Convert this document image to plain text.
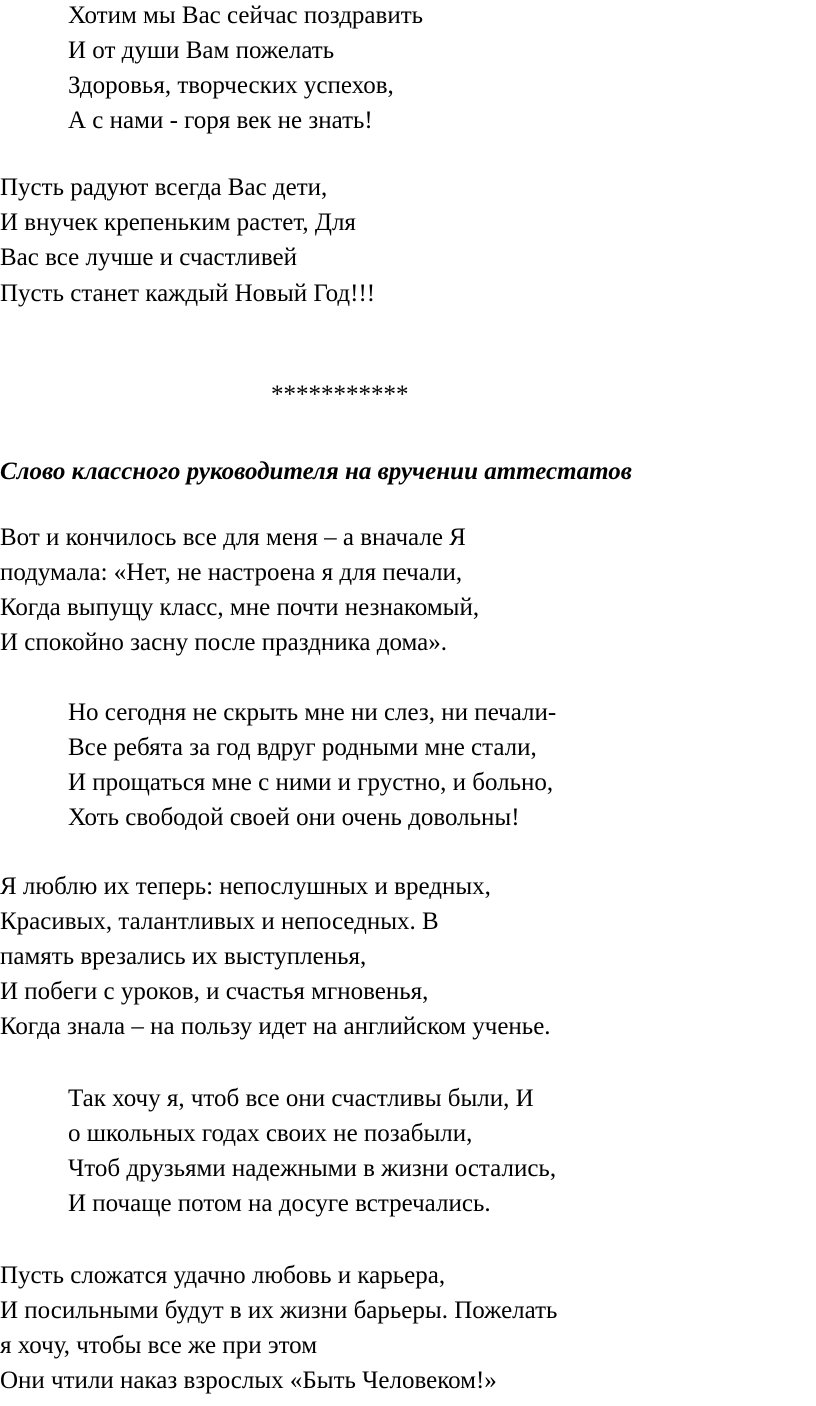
Хотим мы Вас сейчас поздравить

И от души Вам пожелать

Здоровья, творческих успехов,

А с нами - горя век не знать!

Пусть радуют всегда Вас дети,

И внучек крепеньким растет, Для

Вас все лучше и счастливей

Пусть станет каждый Новый Год!!!

***********

Слово классного руководителя на вручении аттестатов

Вот и кончилось все для меня – а вначале Я

подумала: «Нет, не настроена я для печали,

Когда выпущу класс, мне почти незнакомый,

И спокойно засну после праздника дома».

Но сегодня не скрыть мне ни слез, ни печали-

Все ребята за год вдруг родными мне стали,

И прощаться мне с ними и грустно, и больно,

Хоть свободой своей они очень довольны!

Я люблю их теперь: непослушных и вредных,

Красивых, талантливых и непоседных. В

память врезались их выступленья,

И побеги с уроков, и счастья мгновенья,

Когда знала – на пользу идет на английском ученье.

Так хочу я, чтоб все они счастливы были, И

о школьных годах своих не позабыли,

Чтоб друзьями надежными в жизни остались,

И почаще потом на досуге встречались.

Пусть сложатся удачно любовь и карьера,

И посильными будут в их жизни барьеры. Пожелать

я хочу, чтобы все же при этом

Они чтили наказ взрослых «Быть Человеком!»
